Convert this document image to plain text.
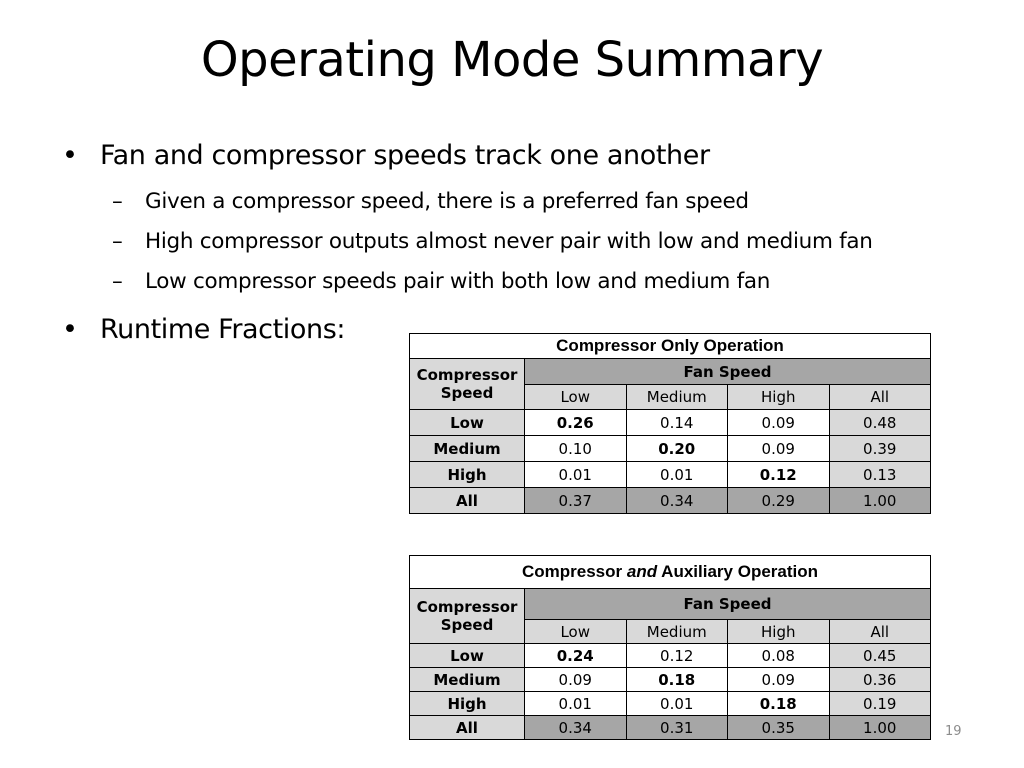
Operating Mode Summary
• Fan and compressor speeds track one another
– Given a compressor speed, there is a preferred fan speed
– High compressor outputs almost never pair with low and medium fan
– Low compressor speeds pair with both low and medium fan
• Runtime Fractions:
Compressor Only Operation				
Compressor Speed	Fan Speed			
	Low	Medium	High	All
Low	0.26	0.14	0.09	0.48
Medium	0.10	0.20	0.09	0.39
High	0.01	0.01	0.12	0.13
All	0.37	0.34	0.29	1.00
Compressor and Auxiliary Operation				
Compressor Speed	Fan Speed			
	Low	Medium	High	All
Low	0.24	0.12	0.08	0.45
Medium	0.09	0.18	0.09	0.36
High	0.01	0.01	0.18	0.19
All	0.34	0.31	0.35	1.00	19
